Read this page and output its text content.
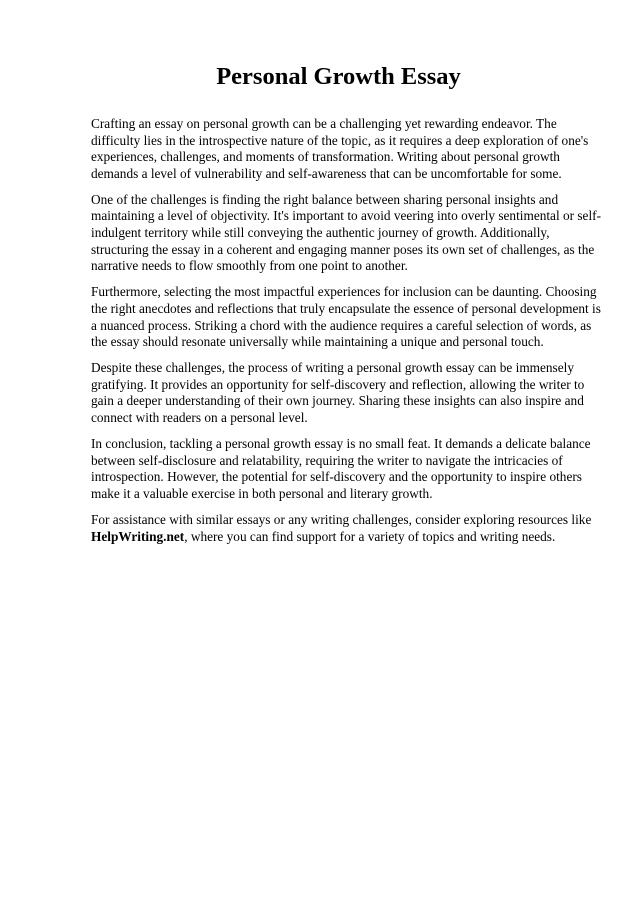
Personal Growth Essay

Crafting an essay on personal growth can be a challenging yet rewarding endeavor. The difficulty lies in the introspective nature of the topic, as it requires a deep exploration of one's experiences, challenges, and moments of transformation. Writing about personal growth demands a level of vulnerability and self-awareness that can be uncomfortable for some.

One of the challenges is finding the right balance between sharing personal insights and maintaining a level of objectivity. It's important to avoid veering into overly sentimental or self-indulgent territory while still conveying the authentic journey of growth. Additionally, structuring the essay in a coherent and engaging manner poses its own set of challenges, as the narrative needs to flow smoothly from one point to another.

Furthermore, selecting the most impactful experiences for inclusion can be daunting. Choosing the right anecdotes and reflections that truly encapsulate the essence of personal development is a nuanced process. Striking a chord with the audience requires a careful selection of words, as the essay should resonate universally while maintaining a unique and personal touch.

Despite these challenges, the process of writing a personal growth essay can be immensely gratifying. It provides an opportunity for self-discovery and reflection, allowing the writer to gain a deeper understanding of their own journey. Sharing these insights can also inspire and connect with readers on a personal level.

In conclusion, tackling a personal growth essay is no small feat. It demands a delicate balance between self-disclosure and relatability, requiring the writer to navigate the intricacies of introspection. However, the potential for self-discovery and the opportunity to inspire others make it a valuable exercise in both personal and literary growth.

For assistance with similar essays or any writing challenges, consider exploring resources like HelpWriting.net, where you can find support for a variety of topics and writing needs.
